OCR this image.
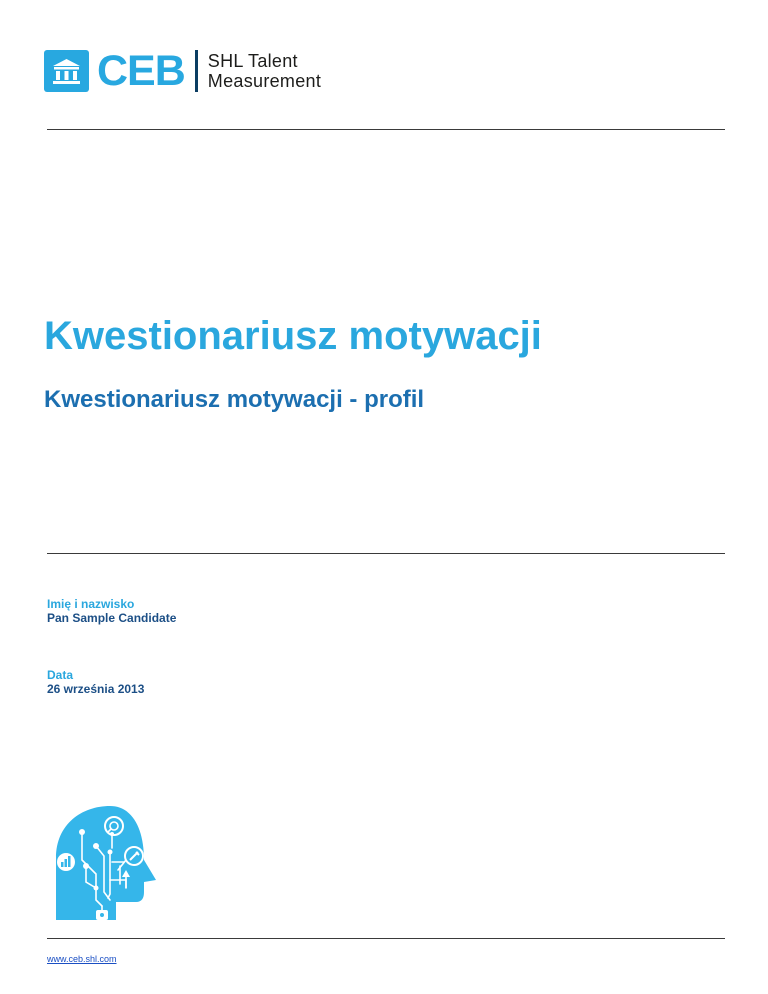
CEB SHL Talent
Measurement
Kwestionariusz motywacji
Kwestionariusz motywacji - profil
Imię i nazwisko
Pan Sample Candidate
Data
26 września 2013
www.ceb.shl.com
